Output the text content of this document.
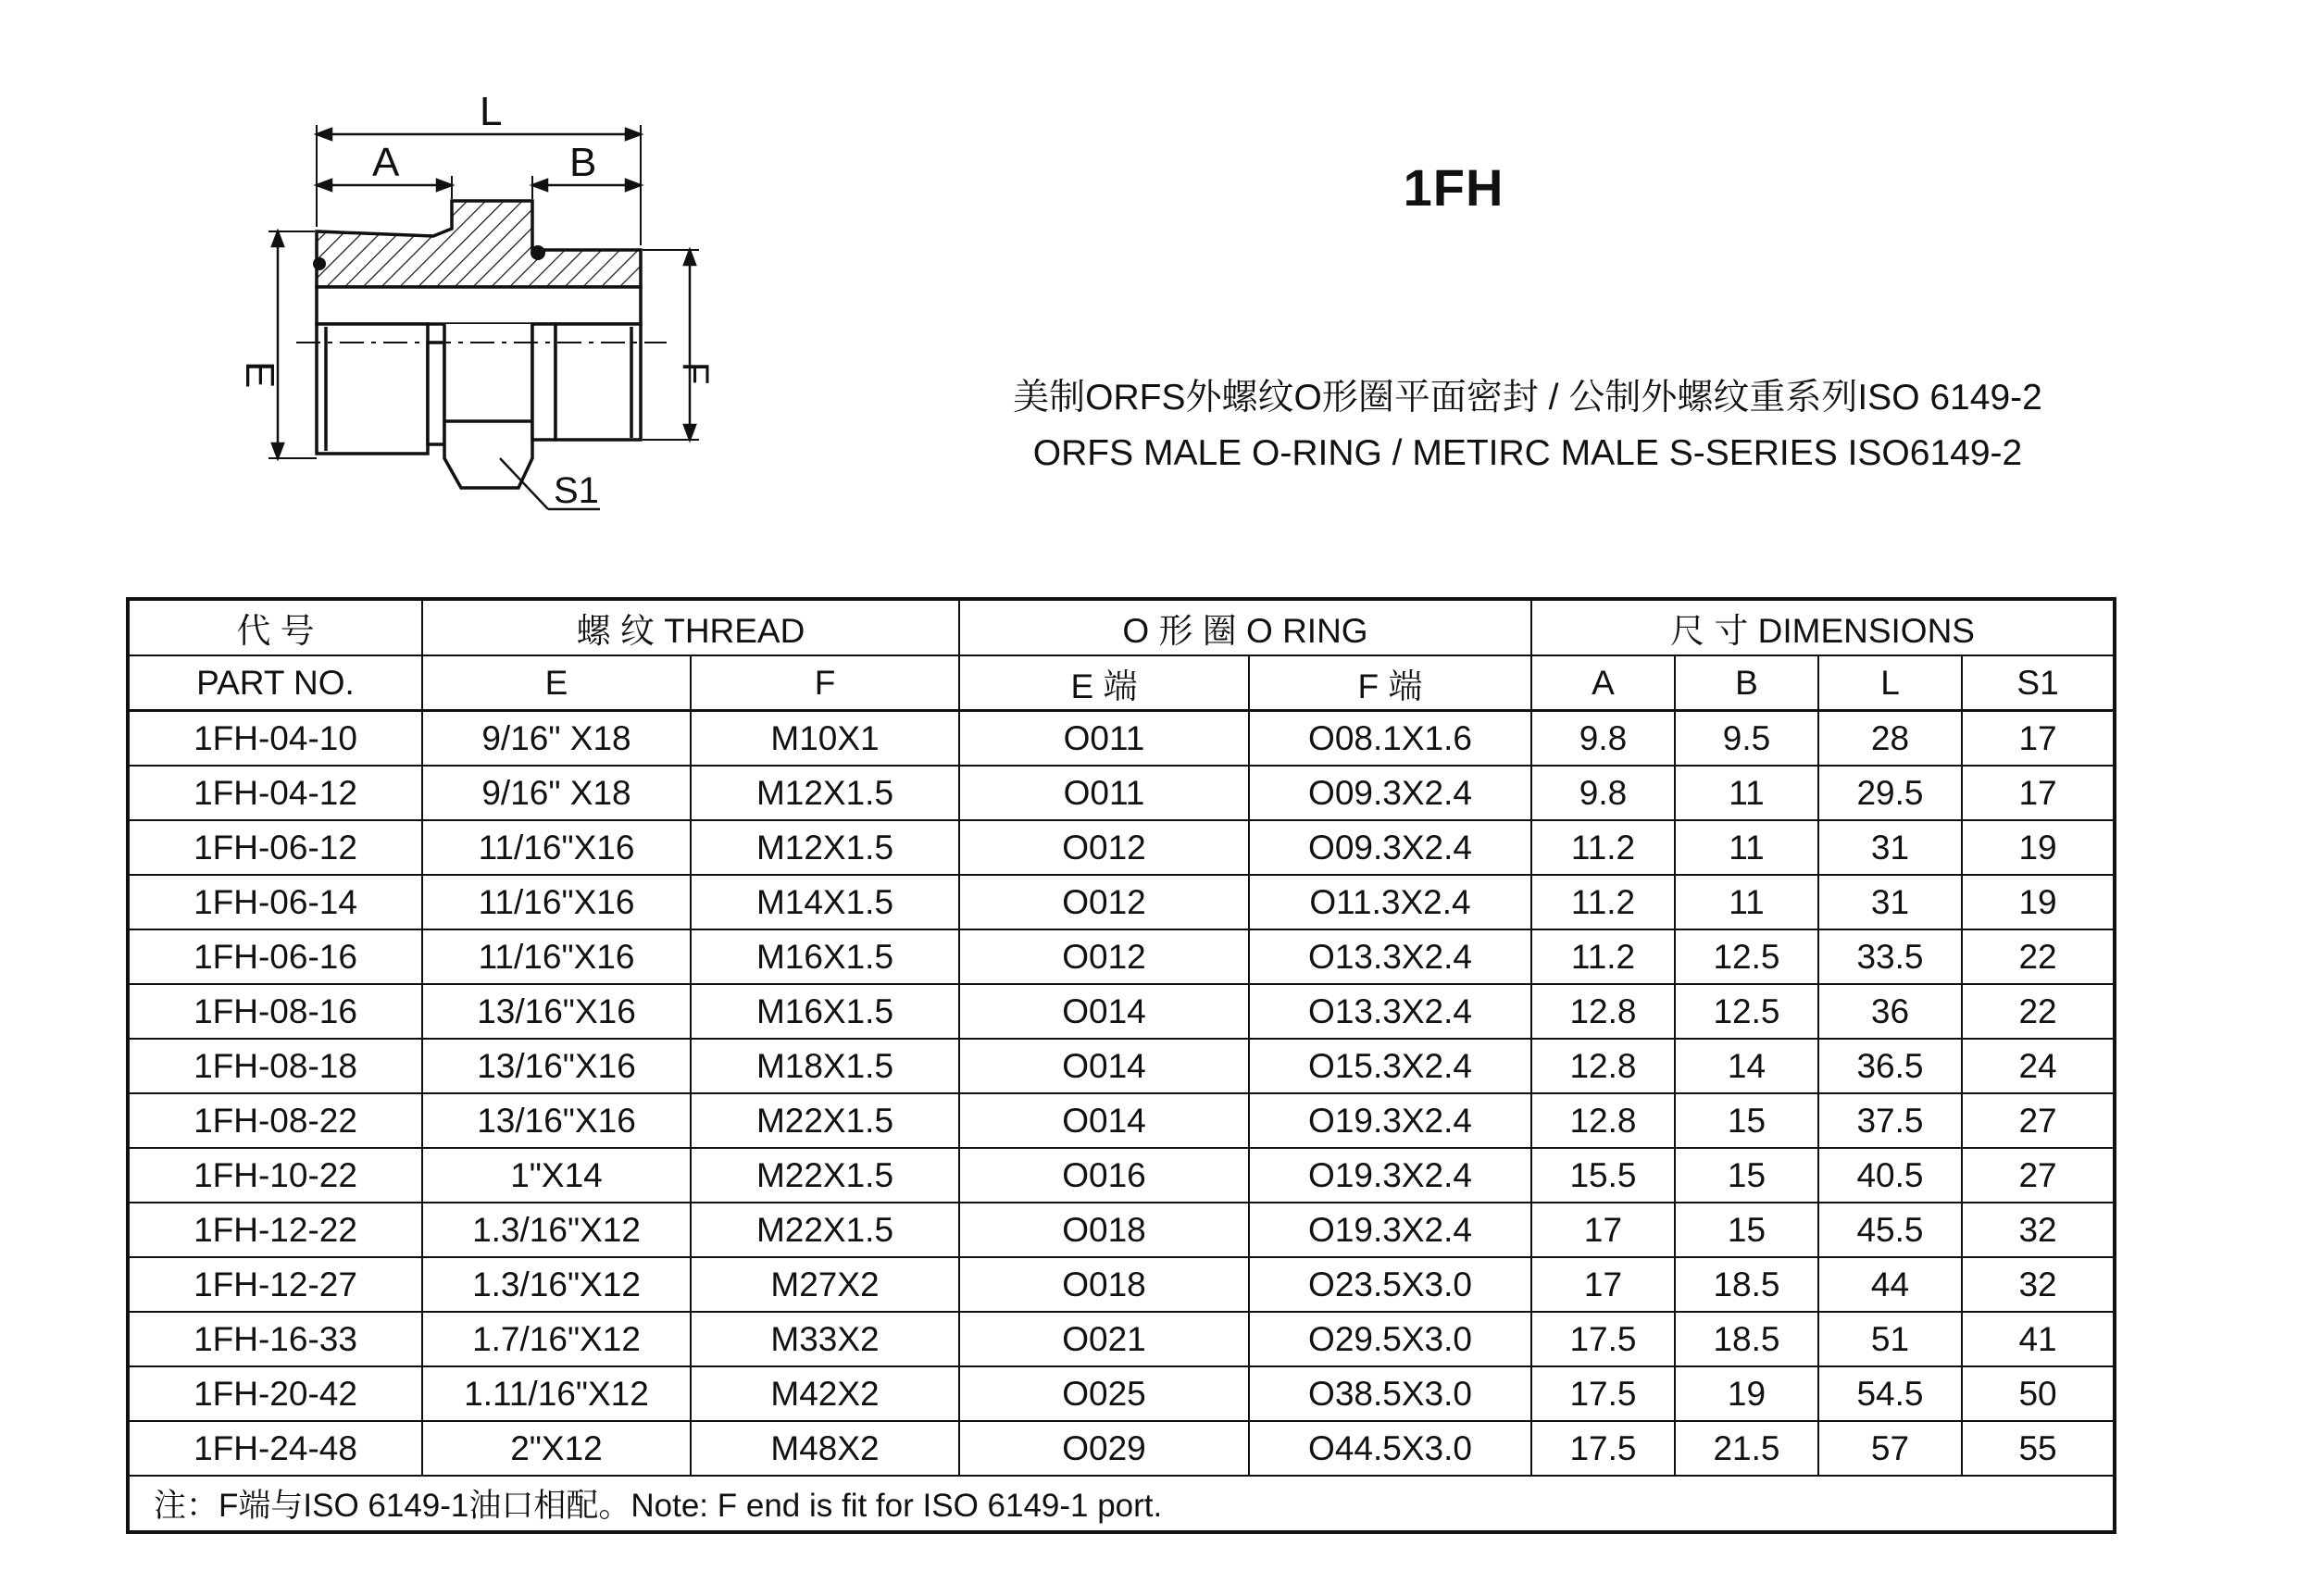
L
A	B
E	F
S1
1FH
美制ORFS外螺纹O形圈平面密封 / 公制外螺纹重系列ISO 6149-2
ORFS MALE O-RING / METIRC MALE S-SERIES ISO6149-2
代 号	螺 纹 THREAD		O 形 圈 O RING		尺 寸 DIMENSIONS			
PART NO.	E	F	E 端	F 端	A	B	L	S1
1FH-04-10	9/16" X18	M10X1	O011	O08.1X1.6	9.8	9.5	28	17
1FH-04-12	9/16" X18	M12X1.5	O011	O09.3X2.4	9.8	11	29.5	17
1FH-06-12	11/16"X16	M12X1.5	O012	O09.3X2.4	11.2	11	31	19
1FH-06-14	11/16"X16	M14X1.5	O012	O11.3X2.4	11.2	11	31	19
1FH-06-16	11/16"X16	M16X1.5	O012	O13.3X2.4	11.2	12.5	33.5	22
1FH-08-16	13/16"X16	M16X1.5	O014	O13.3X2.4	12.8	12.5	36	22
1FH-08-18	13/16"X16	M18X1.5	O014	O15.3X2.4	12.8	14	36.5	24
1FH-08-22	13/16"X16	M22X1.5	O014	O19.3X2.4	12.8	15	37.5	27
1FH-10-22	1"X14	M22X1.5	O016	O19.3X2.4	15.5	15	40.5	27
1FH-12-22	1.3/16"X12	M22X1.5	O018	O19.3X2.4	17	15	45.5	32
1FH-12-27	1.3/16"X12	M27X2	O018	O23.5X3.0	17	18.5	44	32
1FH-16-33	1.7/16"X12	M33X2	O021	O29.5X3.0	17.5	18.5	51	41
1FH-20-42	1.11/16"X12	M42X2	O025	O38.5X3.0	17.5	19	54.5	50
1FH-24-48	2"X12	M48X2	O029	O44.5X3.0	17.5	21.5	57	55
注：F端与ISO 6149-1油口相配。Note: F end is fit for ISO 6149-1 port.								
